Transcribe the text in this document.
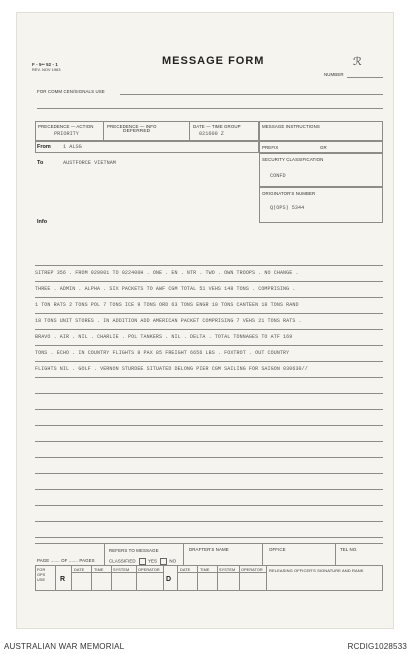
F - 5•• 52 - 1
REV. NOV 1963
MESSAGE FORM	ℛ
NUMBER
FOR COMM CEN/SIGNALS USE
PRECEDENCE — ACTION
PRIORITY
PRECEDENCE — INFO
DEFERRED
DATE — TIME GROUP
021600 Z
MESSAGE INSTRUCTIONS
PREFIX	GR
SECURITY CLASSIFICATION
CONFD
ORIGINATOR'S NUMBER
Q(OPS) 5344
From 1 ALSG
To	AUSTFORCE VIETNAM
Info
SITREP 356 . FROM 020001 TO 022400H . ONE . EN . NTR . TWO . OWN TROOPS . NO CHANGE .
THREE . ADMIN . ALPHA . SIX PACKETS TO AWF CGM TOTAL 51 VEHS 148 TONS . COMPRISING .
1 TON RATS 2 TONS POL 7 TONS ICE 9 TONS ORD 63 TONS ENGR 10 TONS CANTEEN 18 TONS RAND
18 TONS UNIT STORES . IN ADDITION ADD AMERICAN PACKET COMPRISING 7 VEHS 21 TONS RATS .
BRAVO . AIR . NIL . CHARLIE . POL TANKERS . NIL . DELTA . TOTAL TONNAGES TO ATF 169
TONS . ECHO . IN COUNTRY FLIGHTS 8 PAX 85 FREIGHT 6656 LBS . FOXTROT . OUT COUNTRY
FLIGHTS NIL . GOLF . VERNON STURDEE SITUATED DELONG PIER CGM SAILING FOR SAIGON 030630//
REFERS TO MESSAGE
CLASSIFIED	YES	NO
PAGE ....... OF ....... PAGES
DRAFTER'S NAME	OFFICE	TEL NO.
FOR OPS USE	R	D
DATE	TIME	SYSTEM OPERATOR	DATE	TIME	SYSTEM OPERATOR RELEASING OFFICER'S SIGNATURE AND RANK
AUSTRALIAN WAR MEMORIAL	RCDIG1028533
